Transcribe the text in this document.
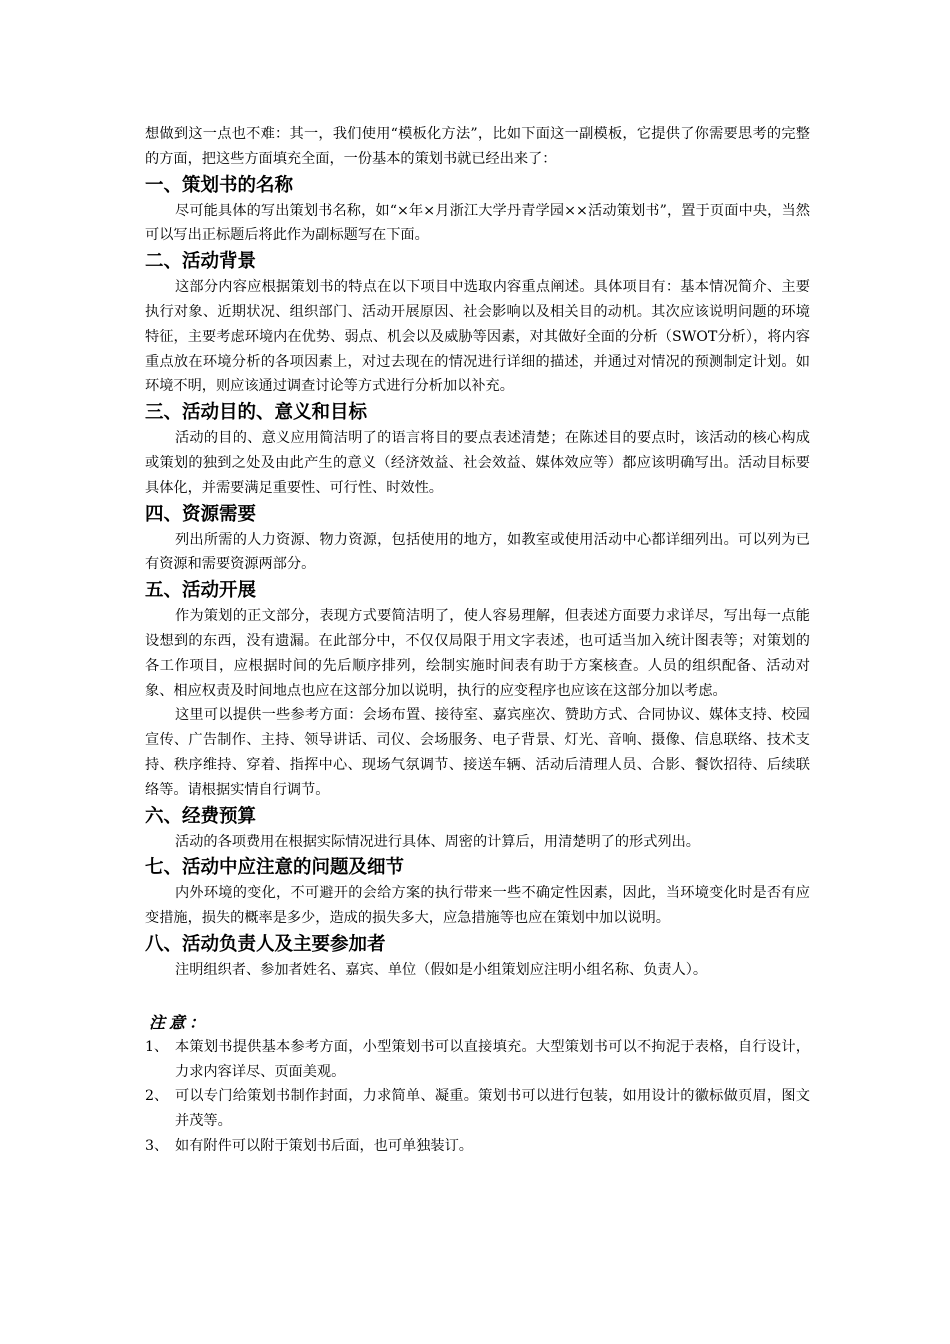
想做到这一点也不难：其一，我们使用“模板化方法”，比如下面这一副模板，它提供了你需要思考的完整的方面，把这些方面填充全面，一份基本的策划书就已经出来了：

一、策划书的名称

尽可能具体的写出策划书名称，如“×年×月浙江大学丹青学园××活动策划书”，置于页面中央，当然可以写出正标题后将此作为副标题写在下面。

二、活动背景

这部分内容应根据策划书的特点在以下项目中选取内容重点阐述。具体项目有：基本情况简介、主要执行对象、近期状况、组织部门、活动开展原因、社会影响以及相关目的动机。其次应该说明问题的环境特征，主要考虑环境内在优势、弱点、机会以及威胁等因素，对其做好全面的分析（SWOT分析），将内容重点放在环境分析的各项因素上，对过去现在的情况进行详细的描述，并通过对情况的预测制定计划。如环境不明，则应该通过调查讨论等方式进行分析加以补充。

三、活动目的、意义和目标

活动的目的、意义应用简洁明了的语言将目的要点表述清楚；在陈述目的要点时，该活动的核心构成或策划的独到之处及由此产生的意义（经济效益、社会效益、媒体效应等）都应该明确写出。活动目标要具体化，并需要满足重要性、可行性、时效性。

四、资源需要

列出所需的人力资源、物力资源，包括使用的地方，如教室或使用活动中心都详细列出。可以列为已有资源和需要资源两部分。

五、活动开展

作为策划的正文部分，表现方式要简洁明了，使人容易理解，但表述方面要力求详尽，写出每一点能设想到的东西，没有遗漏。在此部分中，不仅仅局限于用文字表述，也可适当加入统计图表等；对策划的各工作项目，应根据时间的先后顺序排列，绘制实施时间表有助于方案核查。人员的组织配备、活动对象、相应权责及时间地点也应在这部分加以说明，执行的应变程序也应该在这部分加以考虑。

这里可以提供一些参考方面：会场布置、接待室、嘉宾座次、赞助方式、合同协议、媒体支持、校园宣传、广告制作、主持、领导讲话、司仪、会场服务、电子背景、灯光、音响、摄像、信息联络、技术支持、秩序维持、穿着、指挥中心、现场气氛调节、接送车辆、活动后清理人员、合影、餐饮招待、后续联络等。请根据实情自行调节。

六、经费预算

活动的各项费用在根据实际情况进行具体、周密的计算后，用清楚明了的形式列出。

七、活动中应注意的问题及细节

内外环境的变化，不可避开的会给方案的执行带来一些不确定性因素，因此，当环境变化时是否有应变措施，损失的概率是多少，造成的损失多大，应急措施等也应在策划中加以说明。

八、活动负责人及主要参加者

注明组织者、参加者姓名、嘉宾、单位（假如是小组策划应注明小组名称、负责人）。

注意：
1、 本策划书提供基本参考方面，小型策划书可以直接填充。大型策划书可以不拘泥于表格，自行设计，力求内容详尽、页面美观。
2、 可以专门给策划书制作封面，力求简单、凝重。策划书可以进行包装，如用设计的徽标做页眉，图文并茂等。
3、 如有附件可以附于策划书后面，也可单独装订。
